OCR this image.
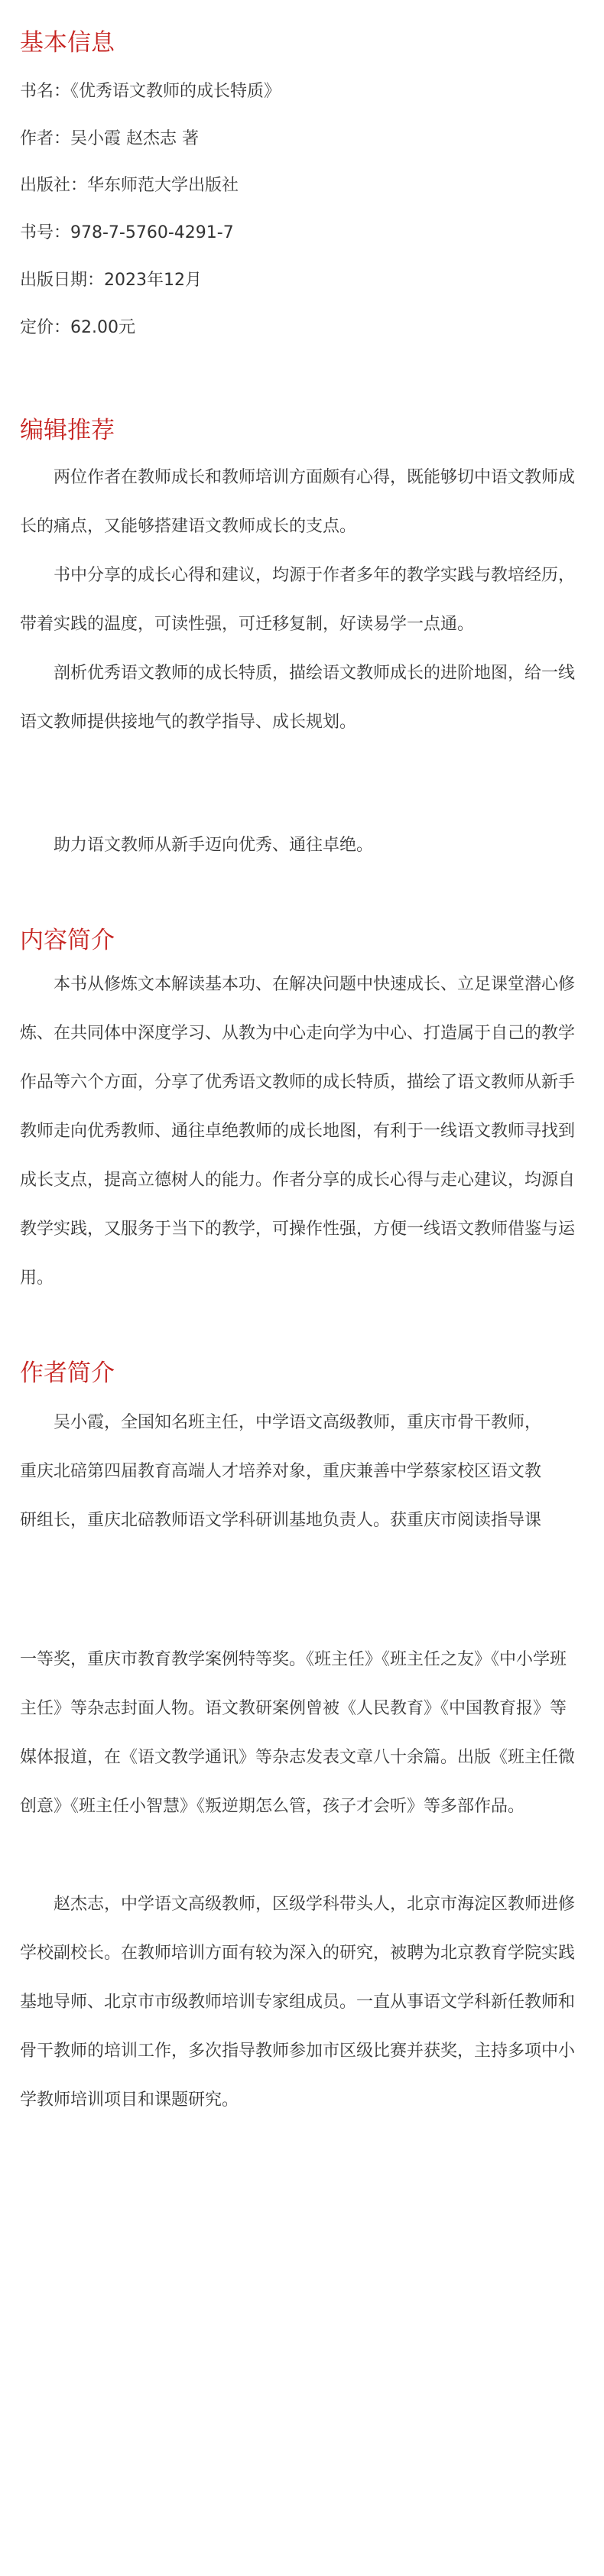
基本信息

书名：《优秀语文教师的成长特质》

作者：吴小霞 赵杰志 著

出版社：华东师范大学出版社

书号：978-7-5760-4291-7

出版日期：2023年12月

定价：62.00元

编辑推荐

两位作者在教师成长和教师培训方面颇有心得，既能够切中语文教师成长的痛点，又能够搭建语文教师成长的支点。

书中分享的成长心得和建议，均源于作者多年的教学实践与教培经历，带着实践的温度，可读性强，可迁移复制，好读易学一点通。

剖析优秀语文教师的成长特质，描绘语文教师成长的进阶地图，给一线语文教师提供接地气的教学指导、成长规划。

助力语文教师从新手迈向优秀、通往卓绝。

内容简介

本书从修炼文本解读基本功、在解决问题中快速成长、立足课堂潜心修炼、在共同体中深度学习、从教为中心走向学为中心、打造属于自己的教学作品等六个方面，分享了优秀语文教师的成长特质，描绘了语文教师从新手教师走向优秀教师、通往卓绝教师的成长地图，有利于一线语文教师寻找到成长支点，提高立德树人的能力。作者分享的成长心得与走心建议，均源自教学实践，又服务于当下的教学，可操作性强，方便一线语文教师借鉴与运用。

作者简介

吴小霞，全国知名班主任，中学语文高级教师，重庆市骨干教师，

重庆北碚第四届教育高端人才培养对象，重庆兼善中学蔡家校区语文教

研组长，重庆北碚教师语文学科研训基地负责人。获重庆市阅读指导课

一等奖，重庆市教育教学案例特等奖。《班主任》《班主任之友》《中小学班主任》等杂志封面人物。语文教研案例曾被《人民教育》《中国教育报》等媒体报道，在《语文教学通讯》等杂志发表文章八十余篇。出版《班主任微创意》《班主任小智慧》《叛逆期怎么管，孩子才会听》等多部作品。

赵杰志，中学语文高级教师，区级学科带头人，北京市海淀区教师进修学校副校长。在教师培训方面有较为深入的研究，被聘为北京教育学院实践基地导师、北京市市级教师培训专家组成员。一直从事语文学科新任教师和骨干教师的培训工作，多次指导教师参加市区级比赛并获奖，主持多项中小学教师培训项目和课题研究。
